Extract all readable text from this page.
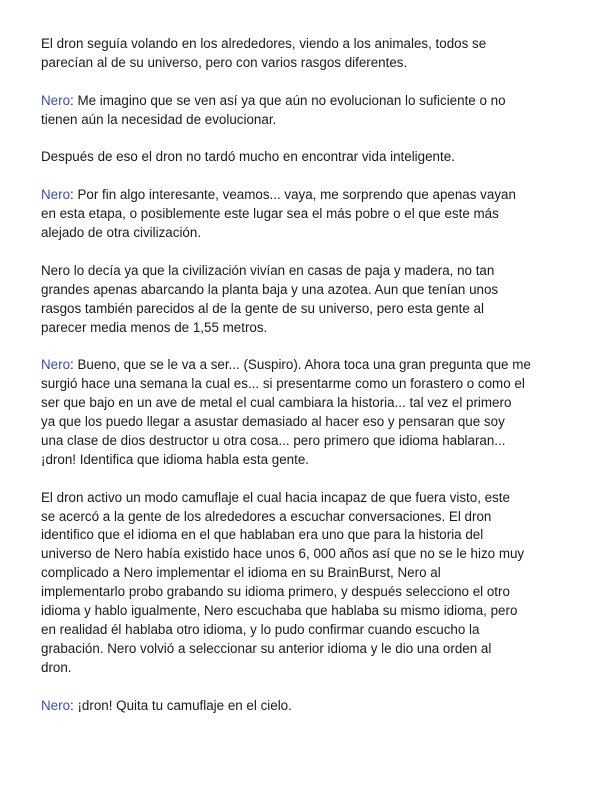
El dron seguía volando en los alrededores, viendo a los animales, todos se
parecían al de su universo, pero con varios rasgos diferentes.
Nero: Me imagino que se ven así ya que aún no evolucionan lo suficiente o no
tienen aún la necesidad de evolucionar.
Después de eso el dron no tardó mucho en encontrar vida inteligente.
Nero: Por fin algo interesante, veamos... vaya, me sorprendo que apenas vayan
en esta etapa, o posiblemente este lugar sea el más pobre o el que este más
alejado de otra civilización.
Nero lo decía ya que la civilización vivían en casas de paja y madera, no tan
grandes apenas abarcando la planta baja y una azotea. Aun que tenían unos
rasgos también parecidos al de la gente de su universo, pero esta gente al
parecer media menos de 1,55 metros.
Nero: Bueno, que se le va a ser... (Suspiro). Ahora toca una gran pregunta que me
surgió hace una semana la cual es... si presentarme como un forastero o como el
ser que bajo en un ave de metal el cual cambiara la historia... tal vez el primero
ya que los puedo llegar a asustar demasiado al hacer eso y pensaran que soy
una clase de dios destructor u otra cosa... pero primero que idioma hablaran...
¡dron! Identifica que idioma habla esta gente.
El dron activo un modo camuflaje el cual hacia incapaz de que fuera visto, este
se acercó a la gente de los alrededores a escuchar conversaciones. El dron
identifico que el idioma en el que hablaban era uno que para la historia del
universo de Nero había existido hace unos 6, 000 años así que no se le hizo muy
complicado a Nero implementar el idioma en su BrainBurst, Nero al
implementarlo probo grabando su idioma primero, y después selecciono el otro
idioma y hablo igualmente, Nero escuchaba que hablaba su mismo idioma, pero
en realidad él hablaba otro idioma, y lo pudo confirmar cuando escucho la
grabación. Nero volvió a seleccionar su anterior idioma y le dio una orden al
dron.
Nero: ¡dron! Quita tu camuflaje en el cielo.
